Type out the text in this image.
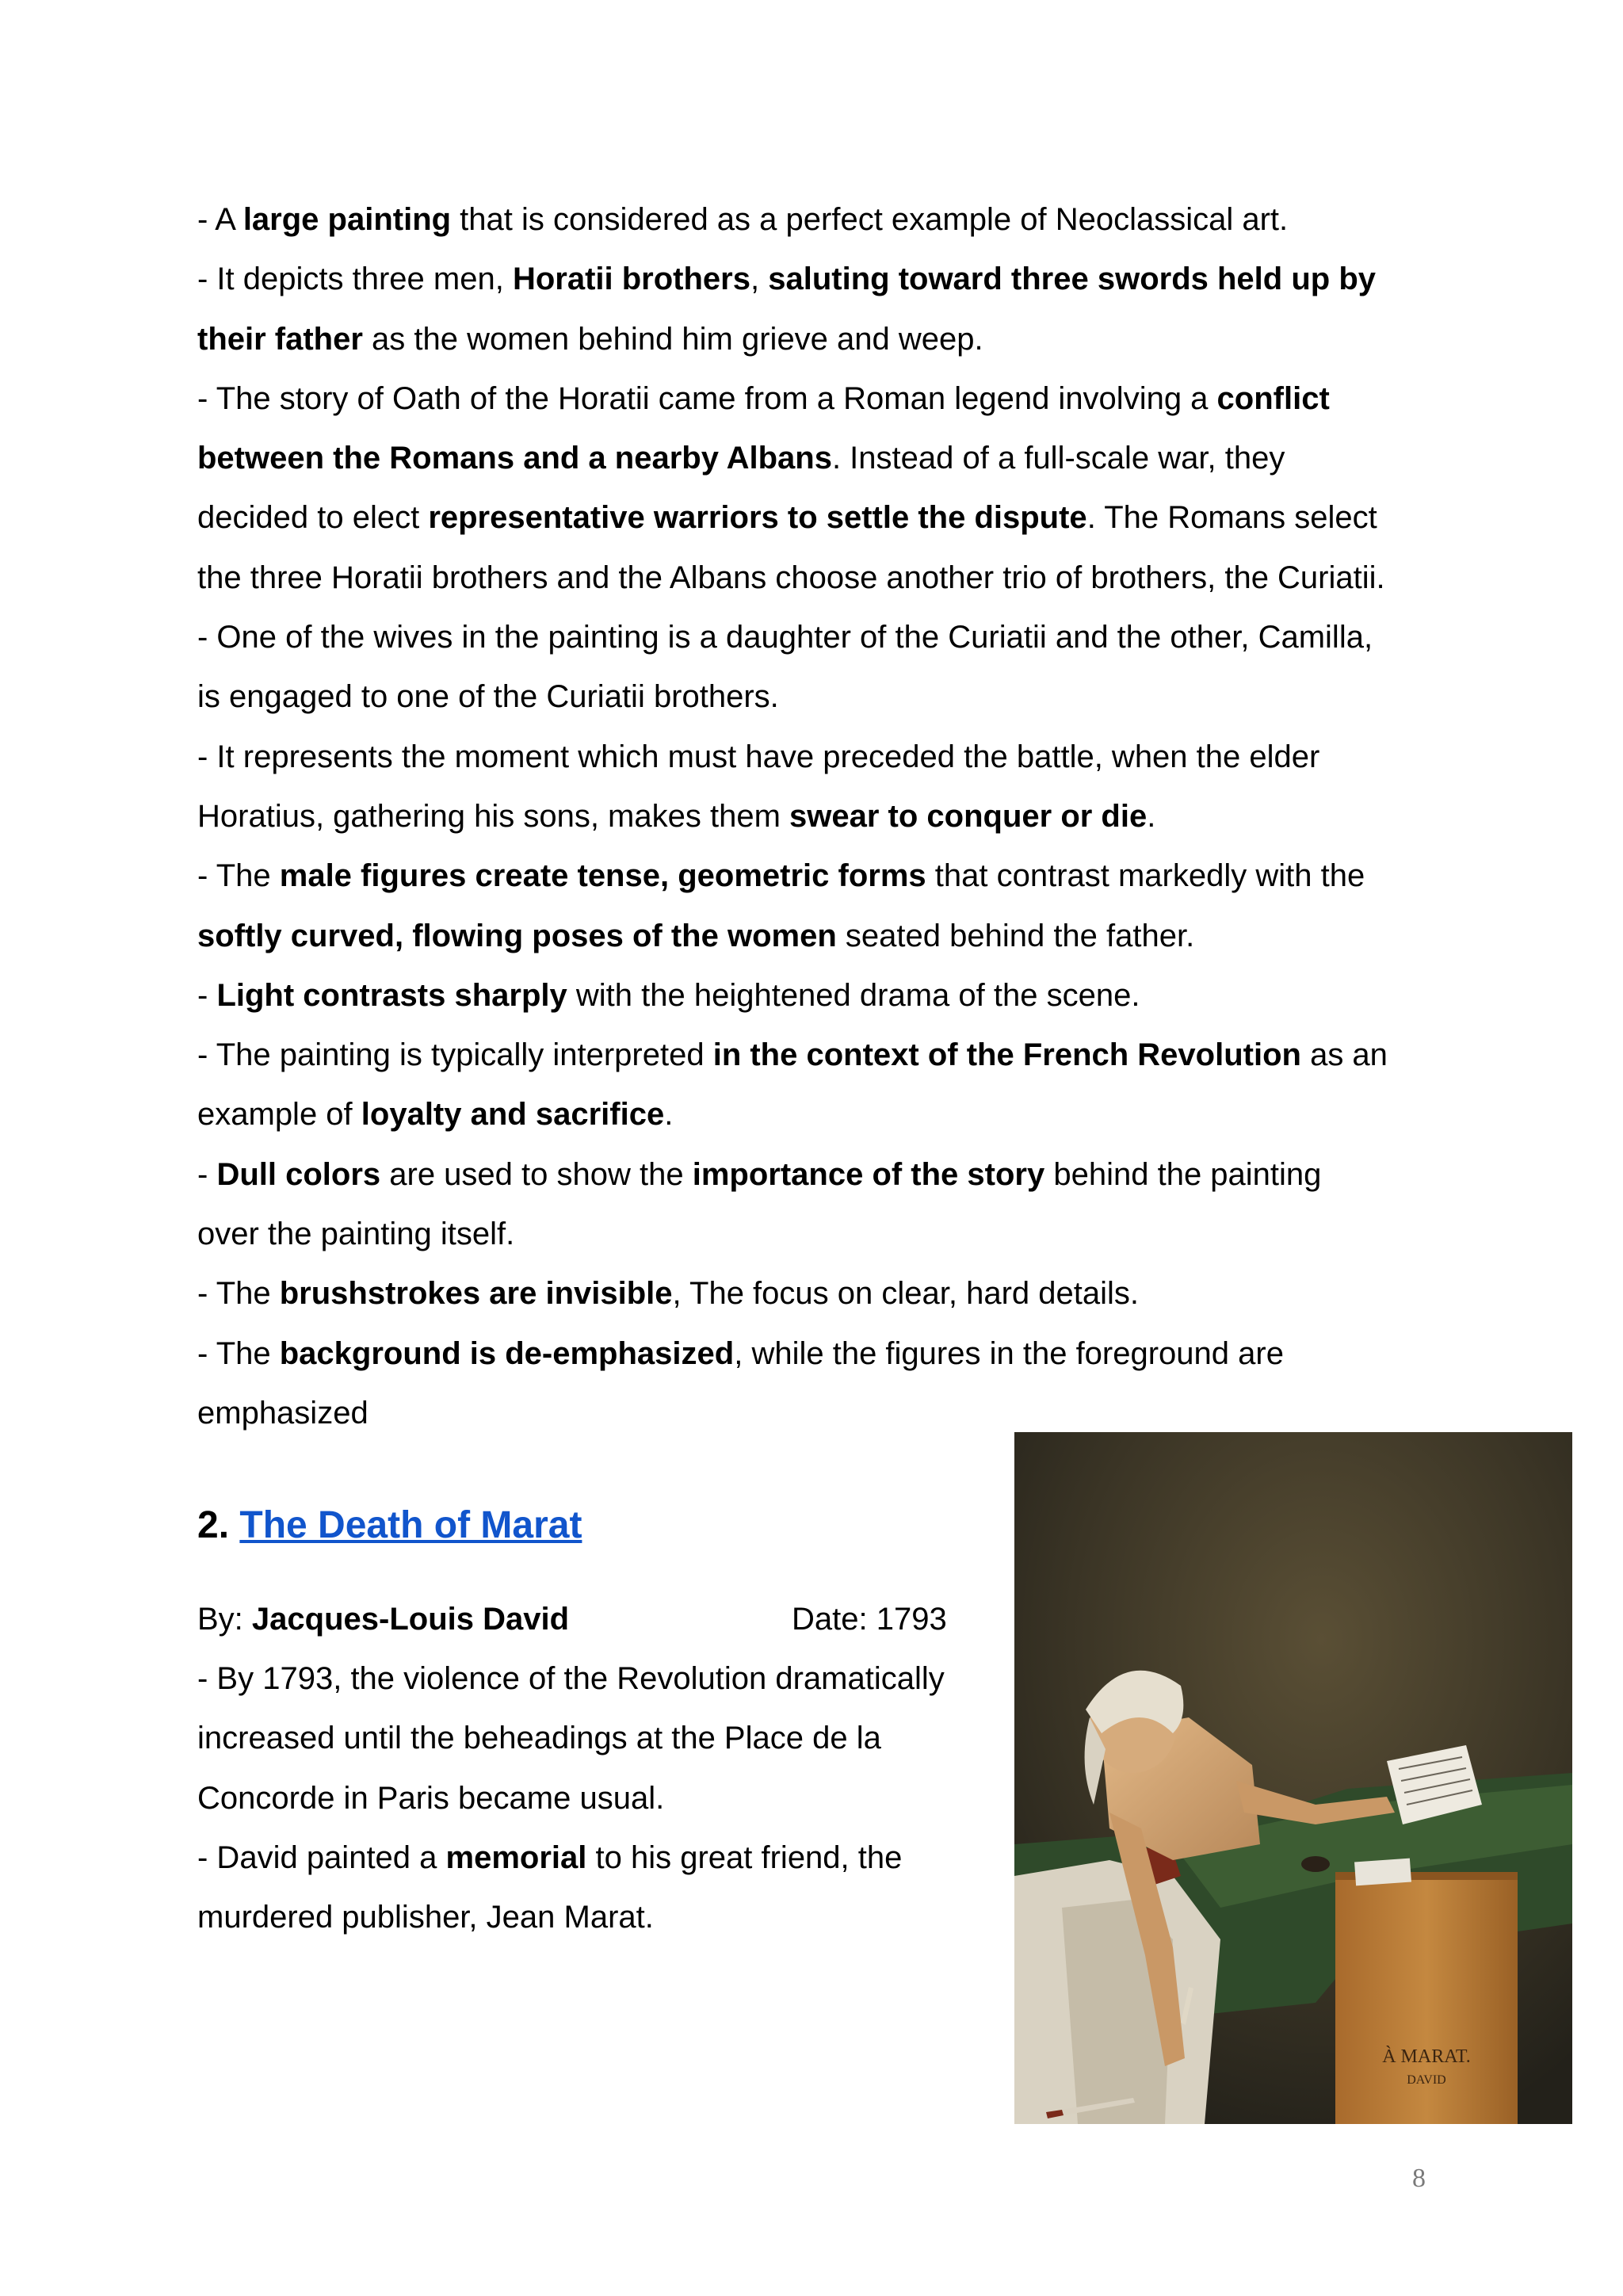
- A large painting that is considered as a perfect example of Neoclassical art.

- It depicts three men, Horatii brothers, saluting toward three swords held up by

their father as the women behind him grieve and weep.

- The story of Oath of the Horatii came from a Roman legend involving a conflict

between the Romans and a nearby Albans. Instead of a full-scale war, they

decided to elect representative warriors to settle the dispute. The Romans select

the three Horatii brothers and the Albans choose another trio of brothers, the Curiatii.

- One of the wives in the painting is a daughter of the Curiatii and the other, Camilla,

is engaged to one of the Curiatii brothers.

- It represents the moment which must have preceded the battle, when the elder

Horatius, gathering his sons, makes them swear to conquer or die.

- The male figures create tense, geometric forms that contrast markedly with the

softly curved, flowing poses of the women seated behind the father.

- Light contrasts sharply with the heightened drama of the scene.

- The painting is typically interpreted in the context of the French Revolution as an

example of loyalty and sacrifice.

- Dull colors are used to show the importance of the story behind the painting

over the painting itself.

- The brushstrokes are invisible, The focus on clear, hard details.

- The background is de-emphasized, while the figures in the foreground are

emphasized

2. The Death of Marat
By: Jacques-Louis David	Date: 1793

- By 1793, the violence of the Revolution dramatically

increased until the beheadings at the Place de la

Concorde in Paris became usual.

- David painted a memorial to his great friend, the

murdered publisher, Jean Marat.

À MARAT.
DAVID
8
